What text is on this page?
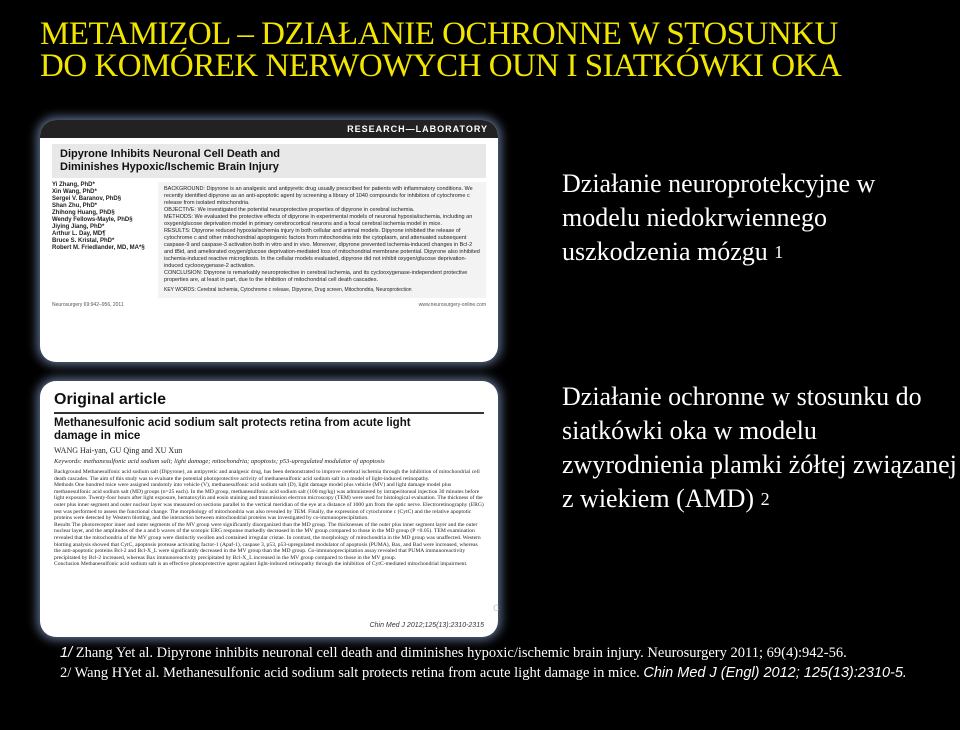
METAMIZOL – DZIAŁANIE OCHRONNE W STOSUNKU
DO KOMÓREK NERWOWYCH OUN I SIATKÓWKI OKA
RESEARCH—LABORATORY
Dipyrone Inhibits Neuronal Cell Death and
Diminishes Hypoxic/Ischemic Brain Injury
Yi Zhang, PhD*
Xin Wang, PhD*
Sergei V. Baranov, PhD§
Shan Zhu, PhD*
Zhihong Huang, PhD§
Wendy Fellows-Mayle, PhD§
Jiying Jiang, PhD*
Arthur L. Day, MD¶
Bruce S. Kristal, PhD*
Robert M. Friedlander, MD, MA*§
BACKGROUND: Dipyrone is an analgesic and antipyretic drug usually prescribed for patients with inflammatory conditions. We recently identified dipyrone as an anti-apoptotic agent by screening a library of 1040 compounds for inhibitors of cytochrome c release from isolated mitochondria.
OBJECTIVE: We investigated the potential neuroprotective properties of dipyrone in cerebral ischemia.
METHODS: We evaluated the protective effects of dipyrone in experimental models of neuronal hypoxia/ischemia, including an oxygen/glucose deprivation model in primary cerebrocortical neurons and a focal cerebral ischemia model in mice.
RESULTS: Dipyrone reduced hypoxia/ischemia injury in both cellular and animal models. Dipyrone inhibited the release of cytochrome c and other mitochondrial apoptogenic factors from mitochondria into the cytoplasm, and attenuated subsequent caspase-9 and caspase-3 activation both in vitro and in vivo. Moreover, dipyrone prevented ischemia-induced changes in Bcl-2 and tBid, and ameliorated oxygen/glucose deprivation-mediated loss of mitochondrial membrane potential. Dipyrone also inhibited ischemia-induced reactive microgliosis. In the cellular models evaluated, dipyrone did not inhibit oxygen/glucose deprivation-induced cyclooxygenase-2 activation.
CONCLUSION: Dipyrone is remarkably neuroprotective in cerebral ischemia, and its cyclooxygenase-independent protective properties are, at least in part, due to the inhibition of mitochondrial cell death cascades.
KEY WORDS: Cerebral ischemia, Cytochrome c release, Dipyrone, Drug screen, Mitochondria, Neuroprotection
Neurosurgery 69:942–956, 2011	www.neurosurgery-online.com
Original article
Methanesulfonic acid sodium salt protects retina from acute light
damage in mice
WANG Hai-yan, GU Qing and XU Xun
Keywords: methanesulfonic acid sodium salt; light damage; mitochondria; apoptosis; p53-upregulated modulator of apoptosis
Background Methanesulfonic acid sodium salt (Dipyrone), an antipyretic and analgesic drug, has been demonstrated to improve cerebral ischemia through the inhibition of mitochondrial cell death cascades. The aim of this study was to evaluate the potential photoprotective activity of methanesulfonic acid sodium salt in a model of light-induced retinopathy.
Methods One hundred mice were assigned randomly into vehicle (V), methanesulfonic acid sodium salt (D), light damage model plus vehicle (MV) and light damage model plus methanesulfonic acid sodium salt (MD) groups (n=25 each). In the MD group, methanesulfonic acid sodium salt (100 mg/kg) was administered by intraperitoneal injection 30 minutes before light exposure. Twenty-four hours after light exposure, hematoxylin and eosin staining and transmission electron microscopy (TEM) were used for histological evaluation. The thickness of the outer plus inner segment and outer nuclear layer was measured on sections parallel to the vertical meridian of the eye at a distance of 1000 µm from the optic nerve. Electroretinography (ERG) test was performed to assess the functional change. The morphology of mitochondria was also revealed by TEM. Finally, the expression of cytochrome c (CytC) and the relative apoptotic proteins were detected by Western blotting, and the interaction between mitochondrial proteins was investigated by co-immunoprecipitation.
Results The photoreceptor inner and outer segments of the MV group were significantly disorganized than the MD group. The thicknesses of the outer plus inner segment layer and the outer nuclear layer, and the amplitudes of the a and b waves of the scotopic ERG response markedly decreased in the MV group compared to those in the MD group (P <0.05). TEM examination revealed that the mitochondria of the MV group were distinctly swollen and contained irregular cristae. In contrast, the morphology of mitochondria in the MD group was unaffected. Western blotting analysis showed that CytC, apoptosis protease activating factor-1 (Apaf-1), caspase 3, p53, p53-upregulated modulator of apoptosis (PUMA), Bax, and Bad were increased, whereas the anti-apoptotic proteins Bcl-2 and Bcl-X_L were significantly decreased in the MV group than the MD group. Co-immunoprecipitation assay revealed that PUMA immunoreactivity precipitated by Bcl-2 increased, whereas Bax immunoreactivity precipitated by Bcl-X_L increased in the MV group compared to those in the MV group.
Conclusion Methanesulfonic acid sodium salt is an effective photoprotective agent against light-induced retinopathy through the inhibition of CytC-mediated mitochondrial impairment.
Chin Med J 2012;125(13):2310-2315
c
Działanie neuroprotekcyjne w modelu niedokrwiennego uszkodzenia mózgu $^1$
Działanie ochronne w stosunku do siatkówki oka w modelu zwyrodnienia plamki żółtej związanej z wiekiem (AMD) $^2$
1/ Zhang Yet al. Dipyrone inhibits neuronal cell death and diminishes hypoxic/ischemic brain injury. Neurosurgery 2011; 69(4):942-56.
2/ Wang HYet al. Methanesulfonic acid sodium salt protects retina from acute light damage in mice. Chin Med J (Engl) 2012; 125(13):2310-5.
